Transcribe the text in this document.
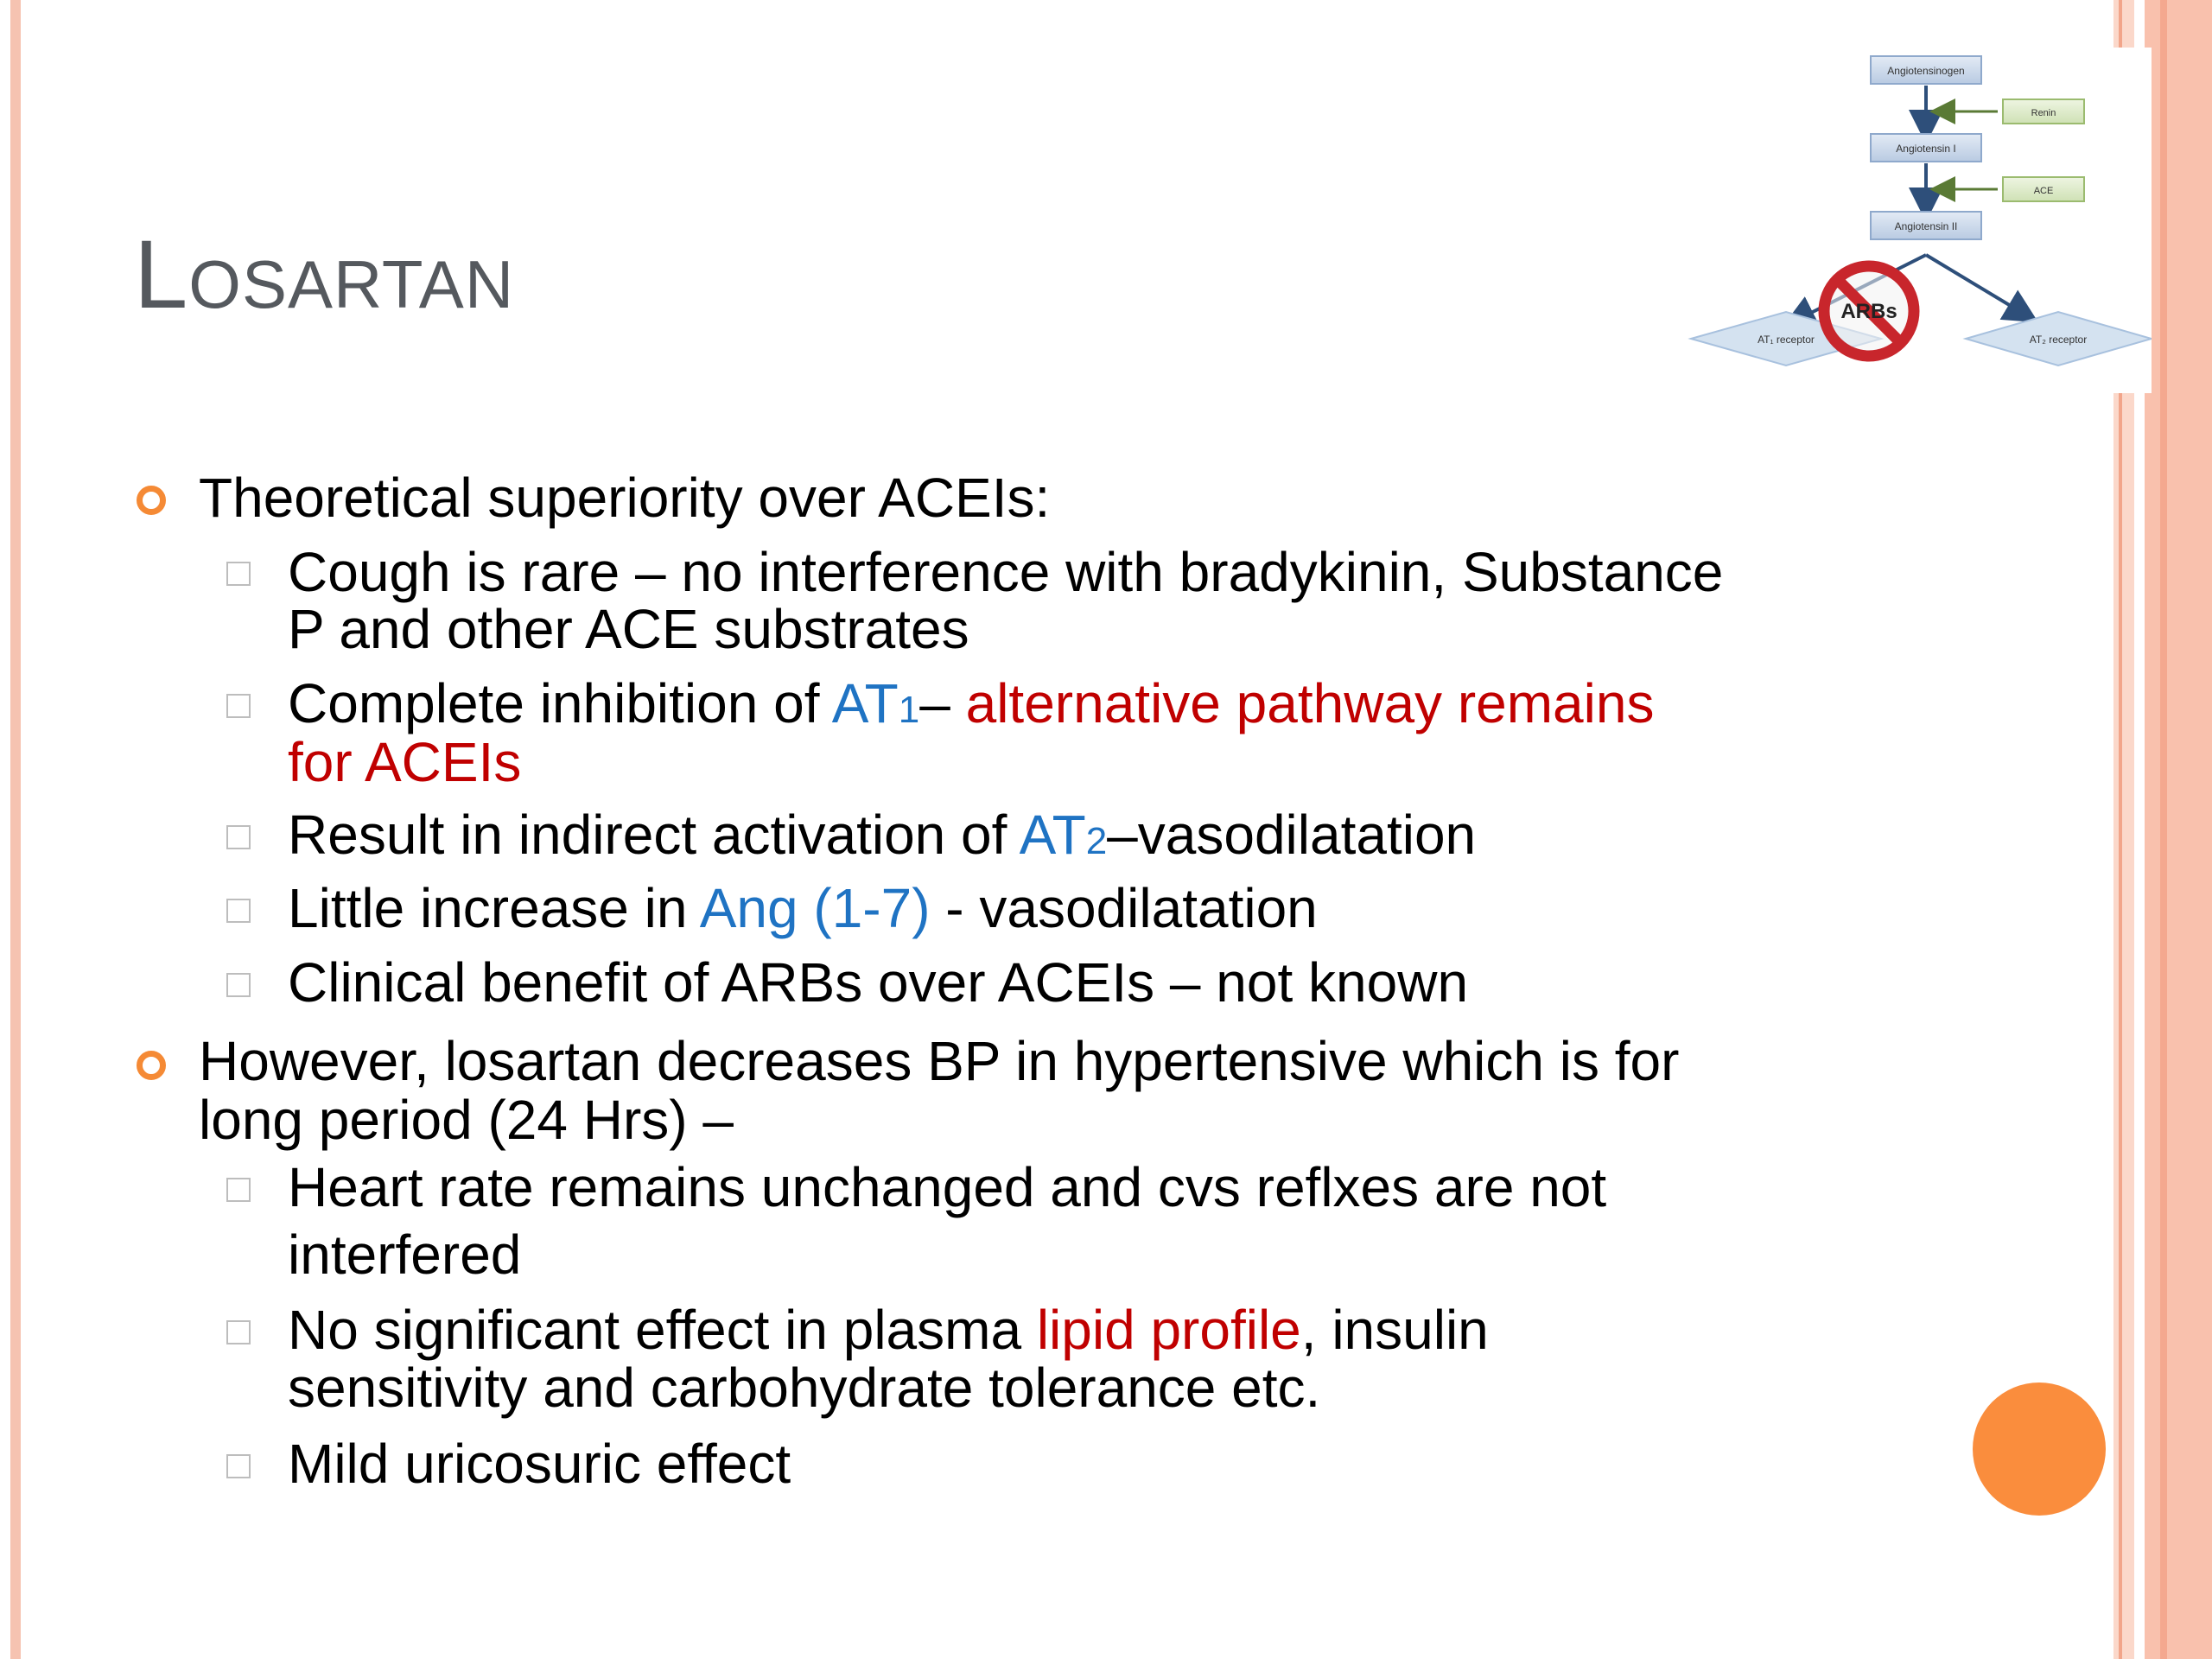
Losartan
Angiotensinogen
Renin
Angiotensin I
ACE
Angiotensin II
AT₁ receptor	AT₂ receptor
ARBs
Theoretical superiority over ACEIs:
Cough is rare – no interference with bradykinin, Substance
P and other ACE substrates
Complete inhibition of AT1– alternative pathway remains
for ACEIs
Result in indirect activation of AT2–vasodilatation
Little increase in Ang (1-7) - vasodilatation
Clinical benefit of ARBs over ACEIs – not known
However, losartan decreases BP in hypertensive which is for
long period (24 Hrs) –
Heart rate remains unchanged and cvs reflxes are not
interfered
No significant effect in plasma lipid profile, insulin
sensitivity and carbohydrate tolerance etc.
Mild uricosuric effect
